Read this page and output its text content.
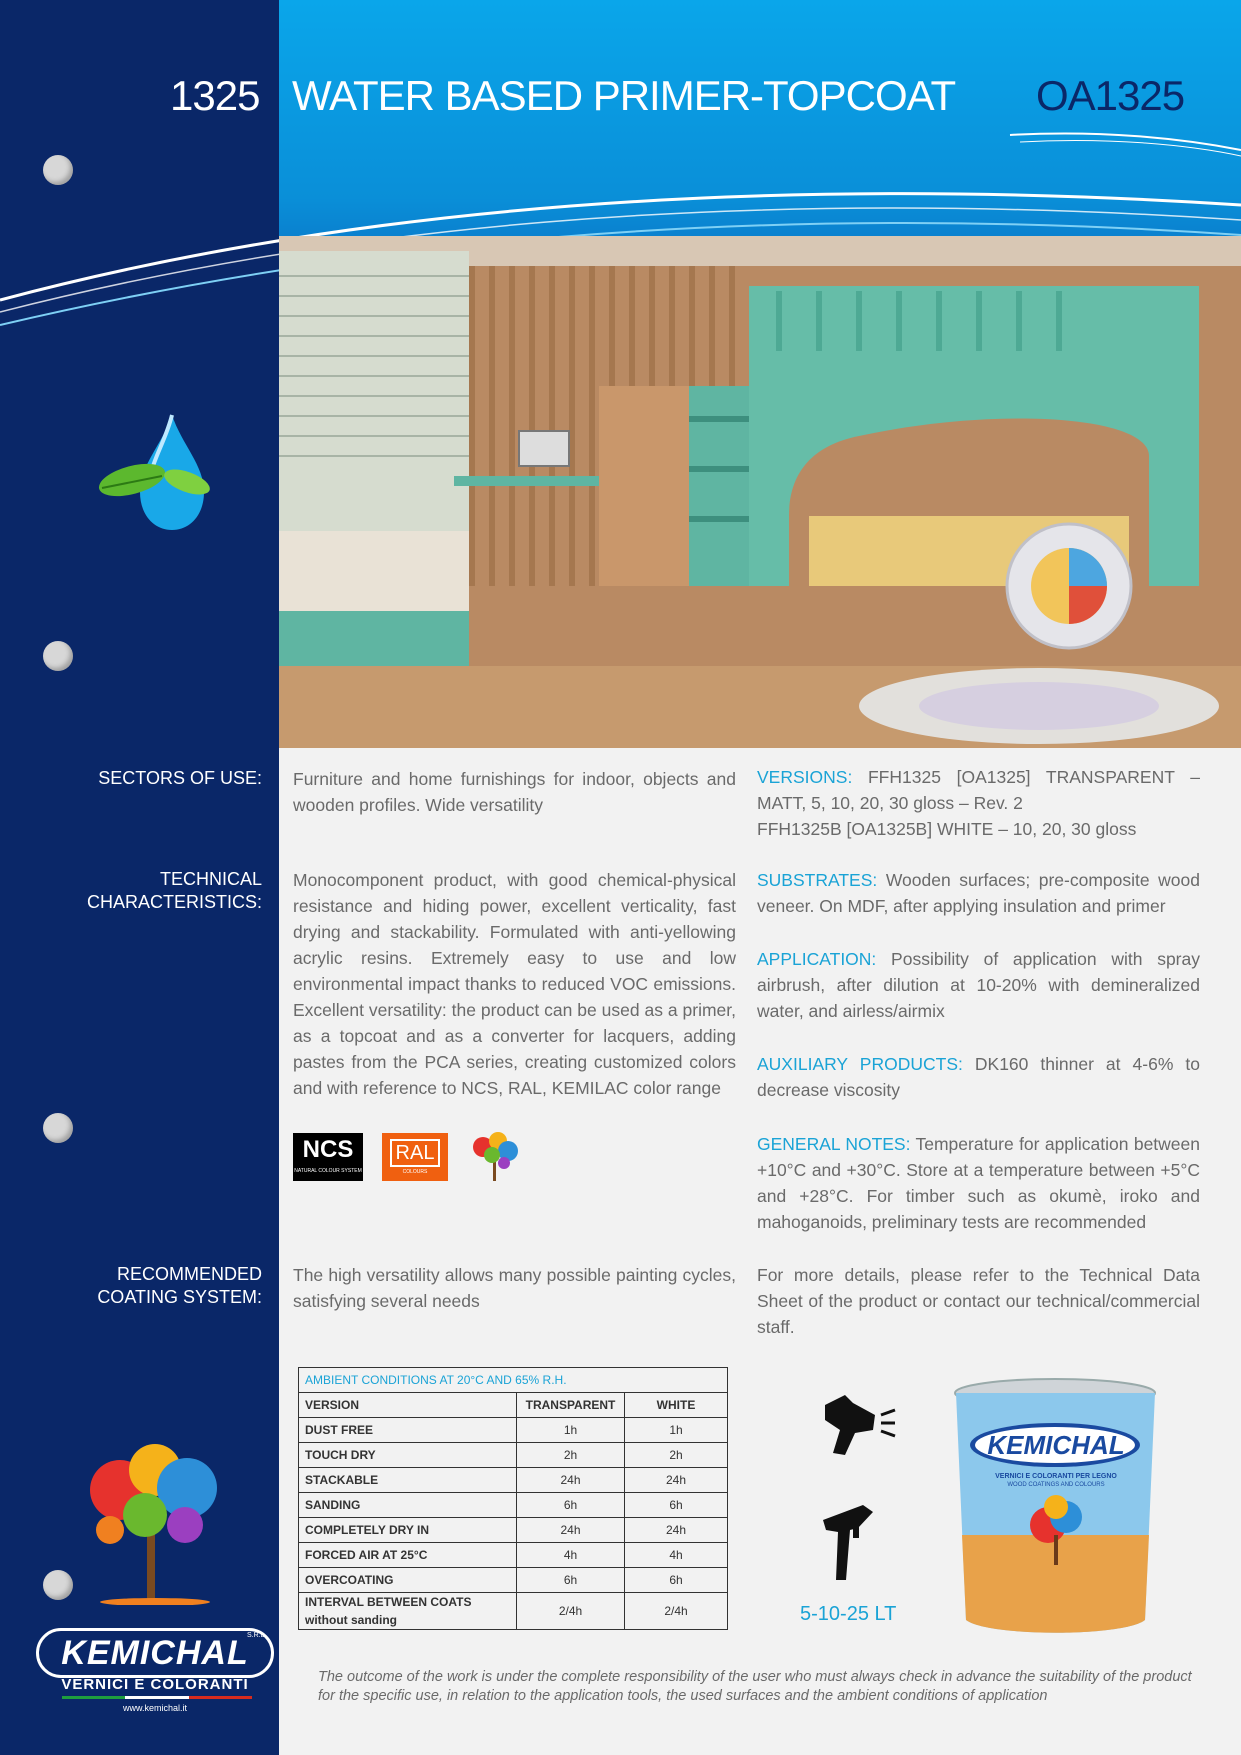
1325 WATER BASED PRIMER-TOPCOAT OA1325
SECTORS OF USE:
TECHNICAL
CHARACTERISTICS:
RECOMMENDED
COATING SYSTEM:
Furniture and home furnishings for indoor, objects and wooden profiles. Wide versatility
Monocomponent product, with good chemical-physical resistance and hiding power, excellent verticality, fast drying and stackability. Formulated with anti-yellowing acrylic resins. Extremely easy to use and low environmental impact thanks to reduced VOC emissions. Excellent versatility: the product can be used as a primer, as a topcoat and as a converter for lacquers, adding pastes from the PCA series, creating customized colors and with reference to NCS, RAL, KEMILAC color range
The high versatility allows many possible painting cycles, satisfying several needs
NCS
NATURAL COLOUR SYSTEM
RAL
COLOURS
VERSIONS: FFH1325 [OA1325] TRANSPARENT – MATT, 5, 10, 20, 30 gloss – Rev. 2
FFH1325B [OA1325B] WHITE – 10, 20, 30 gloss
SUBSTRATES: Wooden surfaces; pre-composite wood veneer. On MDF, after applying insulation and primer
APPLICATION: Possibility of application with spray airbrush, after dilution at 10-20% with demineralized water, and airless/airmix
AUXILIARY PRODUCTS: DK160 thinner at 4-6% to decrease viscosity
GENERAL NOTES: Temperature for application between +10°C and +30°C. Store at a temperature between +5°C and +28°C. For timber such as okumè, iroko and mahoganoids, preliminary tests are recommended
For more details, please refer to the Technical Data Sheet of the product or contact our technical/commercial staff.
AMBIENT CONDITIONS AT 20°C AND 65% R.H.		
VERSION	TRANSPARENT	WHITE
DUST FREE	1h	1h
TOUCH DRY	2h	2h
STACKABLE	24h	24h
SANDING	6h	6h
COMPLETELY DRY IN	24h	24h
FORCED AIR AT 25°C	4h	4h
OVERCOATING	6h	6h

INTERVAL BETWEEN COATS
without sanding	2/4h	2/4h	5-10-25 LT
KEMICHAL
VERNICI E COLORANTI PER LEGNO
WOOD COATINGS AND COLOURS
KEMICHAL
S.R.L.
VERNICI E COLORANTI
www.kemichal.it
The outcome of the work is under the complete responsibility of the user who must always check in advance the suitability of the product for the specific use, in relation to the application tools, the used surfaces and the ambient conditions of application
